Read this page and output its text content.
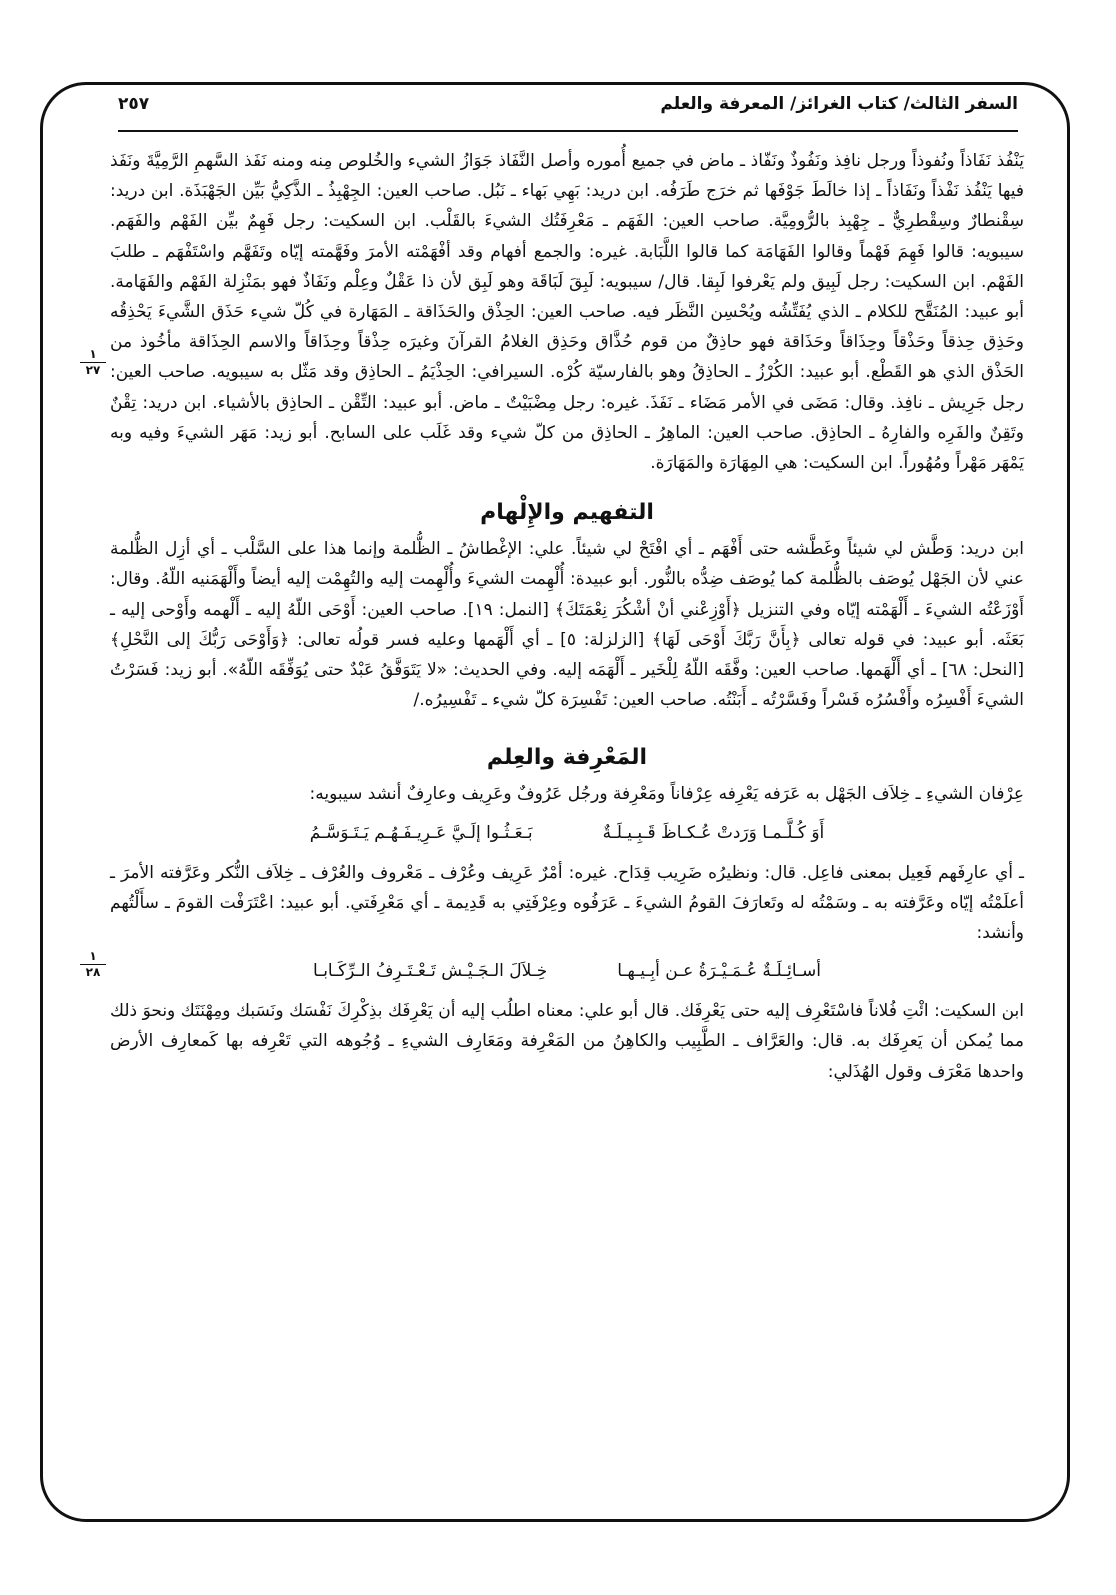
السفر الثالث/ كتاب الغرائز/ المعرفة والعلم
٢٥٧
١
٢٧
١
٢٨

يَنْفُذ نَفَاذاً ونُفوذاً ورجل نافِذ ونَفُوذٌ ونَفّاذ ـ ماض في جميع أُموره وأصل النَّفَاذ جَوَازُ الشيء والخُلوص مِنه ومنه نَفَذ السَّهمِ الرَّمِيَّةَ ونَفَذ فيها يَنْفُذ نَفْذاً ونَفَاذاً ـ إذا خالَطَ جَوْفَها ثم خرَج طَرَفُه. ابن دريد: بَهِي بَهاء ـ نَبُل. صاحب العين: الجِهْبِذُ ـ الذَّكِيُّ بَيِّن الجَهْبَذَة. ابن دريد: سِقْنطارٌ وسِقْطرِيٌّ ـ جِهْبِذ بالرُّومِيَّة. صاحب العين: الفَهَم ـ مَعْرِفَتُك الشيءَ بالقَلْب. ابن السكيت: رجل فَهِمٌ بيِّن الفَهْم والفَهَم. سيبويه: قالوا فَهِمَ فَهْماً وقالوا الفَهَامَة كما قالوا اللَّبَابة. غيره: والجمع أفهام وقد أفْهَمْته الأمرَ وفَهَّمته إيّاه وتَفَهَّم واسْتَفْهَم ـ طلبَ الفَهْم. ابن السكيت: رجل لَبِيق ولم يَعْرفوا لَبِقا. قال/ سيبويه: لَبِقَ لَبَاقَة وهو لَبِق لأن ذا عَقْلٌ وعِلْم ونَفَاذٌ فهو بمَنْزِلة الفَهْم والفَهَامة. أبو عبيد: المُنَقَّح للكلام ـ الذي يُفَتِّشُه ويُحْسِن النَّظَر فيه. صاحب العين: الحِذْق والحَذَاقة ـ المَهَارة في كُلّ شيء حَذَق الشَّيءَ يَحْذِقُه وحَذِق حِذقاً وحَذْقاً وحِذَاقاً وحَذَاقة فهو حاذِقٌ من قوم حُذَّاق وحَذِق الغلامُ القرآنَ وغيرَه حِذْقاً وحِذَاقاً والاسم الحِذَاقة مأخُوذ من الحَذْق الذي هو القَطْع. أبو عبيد: الكُرْزُ ـ الحاذِقُ وهو بالفارسيّة كُرْه. السيرافي: الحِذْيَمُ ـ الحاذِق وقد مَثّل به سيبويه. صاحب العين: رجل جَرِيش ـ نافِذ. وقال: مَضَى في الأمر مَضَاء ـ نَفَذَ. غيره: رجل مِضْبَيْتٌ ـ ماض. أبو عبيد: التِّقْن ـ الحاذِق بالأشياء. ابن دريد: تِقْنٌ وتَقِنٌ والفَرِه والفارِهُ ـ الحاذِق. صاحب العين: الماهِرُ ـ الحاذِق من كلّ شيء وقد غَلَب على السابح. أبو زيد: مَهَر الشيءَ وفيه وبه يَمْهَر مَهْراً ومُهُوراً. ابن السكيت: هي المِهَارَة والمَهَارَة.

التفهيم والإِلْهام

ابن دريد: وَطَّش لي شيئاً وغَطَّشه حتى أَفْهَم ـ أي افْتَحْ لي شيئاً. علي: الإغْطاشُ ـ الظُّلمة وإنما هذا على السَّلْب ـ أي أزِل الظُّلمة عني لأن الجَهْل يُوصَف بالظُّلمة كما يُوصَف ضِدُّه بالنُّور. أبو عبيدة: أُلْهِمت الشيءَ وأُلْهِمت إليه والتُهِمْت إليه أيضاً وأَلْهَمَنيه اللّهُ. وقال: أَوْزَعْتُه الشيءَ ـ أَلْهَمْته إيّاه وفي التنزيل ﴿أَوْزِعْني أنْ أشْكُرَ نِعْمَتَكَ﴾ [النمل: ١٩]. صاحب العين: أَوْحَى اللّهُ إليه ـ أَلْهمه وأَوْحى إليه ـ بَعَثَه. أبو عبيد: في قوله تعالى ﴿بِأَنَّ رَبَّكَ أَوْحَى لَهَا﴾ [الزلزلة: ٥] ـ أي أَلْهَمها وعليه فسر قولُه تعالى: ﴿وَأَوْحَى رَبُّكَ إلى النَّحْلِ﴾ [النحل: ٦٨] ـ أي أَلْهَمها. صاحب العين: وفَّقَه اللّهُ لِلْخَير ـ أَلْهَمَه إليه. وفي الحديث: «لا يَتَوَفَّقُ عَبْدٌ حتى يُوَفِّقَه اللّهُ». أبو زيد: فَسَرْتُ الشيءَ أَفْسِرُه وأَفْسُرُه فَسْراً وفَسَّرْتُه ـ أَبَنْتُه. صاحب العين: تَفْسِرَة كلّ شيء ـ تَفْسِيرُه./

المَعْرِفة والعِلم

عِرْفان الشيءِ ـ خِلاَف الجَهْل به عَرَفه يَعْرِفه عِرْفاناً ومَعْرِفة ورجُل عَرُوفٌ وعَرِيف وعارِفٌ أنشد سيبويه:

أَوَ كُـلَّـمـا وَرَدتْ عُـكـاظَ قَـبِـيـلَـةٌ
بَـعَـثُـوا إلَـيَّ عَـرِيـفَـهُـم يَـتَـوَسَّـمُ

ـ أي عارِفَهم فَعِيل بمعنى فاعِل. قال: ونظيرُه ضَرِيب قِدَاح. غيره: أمْرٌ عَرِيف وعُرْف ـ مَعْروف والعُرْف ـ خِلاَف النُّكر وعَرَّفته الأمرَ ـ أعلَمْتُه إيّاه وعَرَّفته به ـ وسَمْتُه له وتَعارَفَ القومُ الشيءَ ـ عَرَفُوه وعِرْفَتِي به قَدِيمة ـ أي مَعْرِفَتي. أبو عبيد: اعْتَرَفْت القومَ ـ سأَلْتُهم وأنشد:

أسـائِـلَـةٌ عُـمَـيْـرَةُ عـن أبِـيـهـا
خِـلاَلَ الـجَـيْـش تَـعْـتَـرِفُ الـرِّكَـابـا

ابن السكيت: ائْتِ فُلاناً فاسْتَعْرِف إليه حتى يَعْرِفَك. قال أبو علي: معناه اطلُب إليه أن يَعْرِفَك بذِكْرِكَ نَفْسَك ونَسَبك ومِهْنَتَك ونحوَ ذلك مما يُمكن أن يَعرِفَك به. قال: والعَرَّاف ـ الطَّبِيب والكاهِنُ من المَعْرِفة ومَعَارِف الشيءِ ـ وُجُوهه التي تَعْرِفه بها كَمعارِف الأرض واحدها مَعْرَف وقول الهُذَلي:
